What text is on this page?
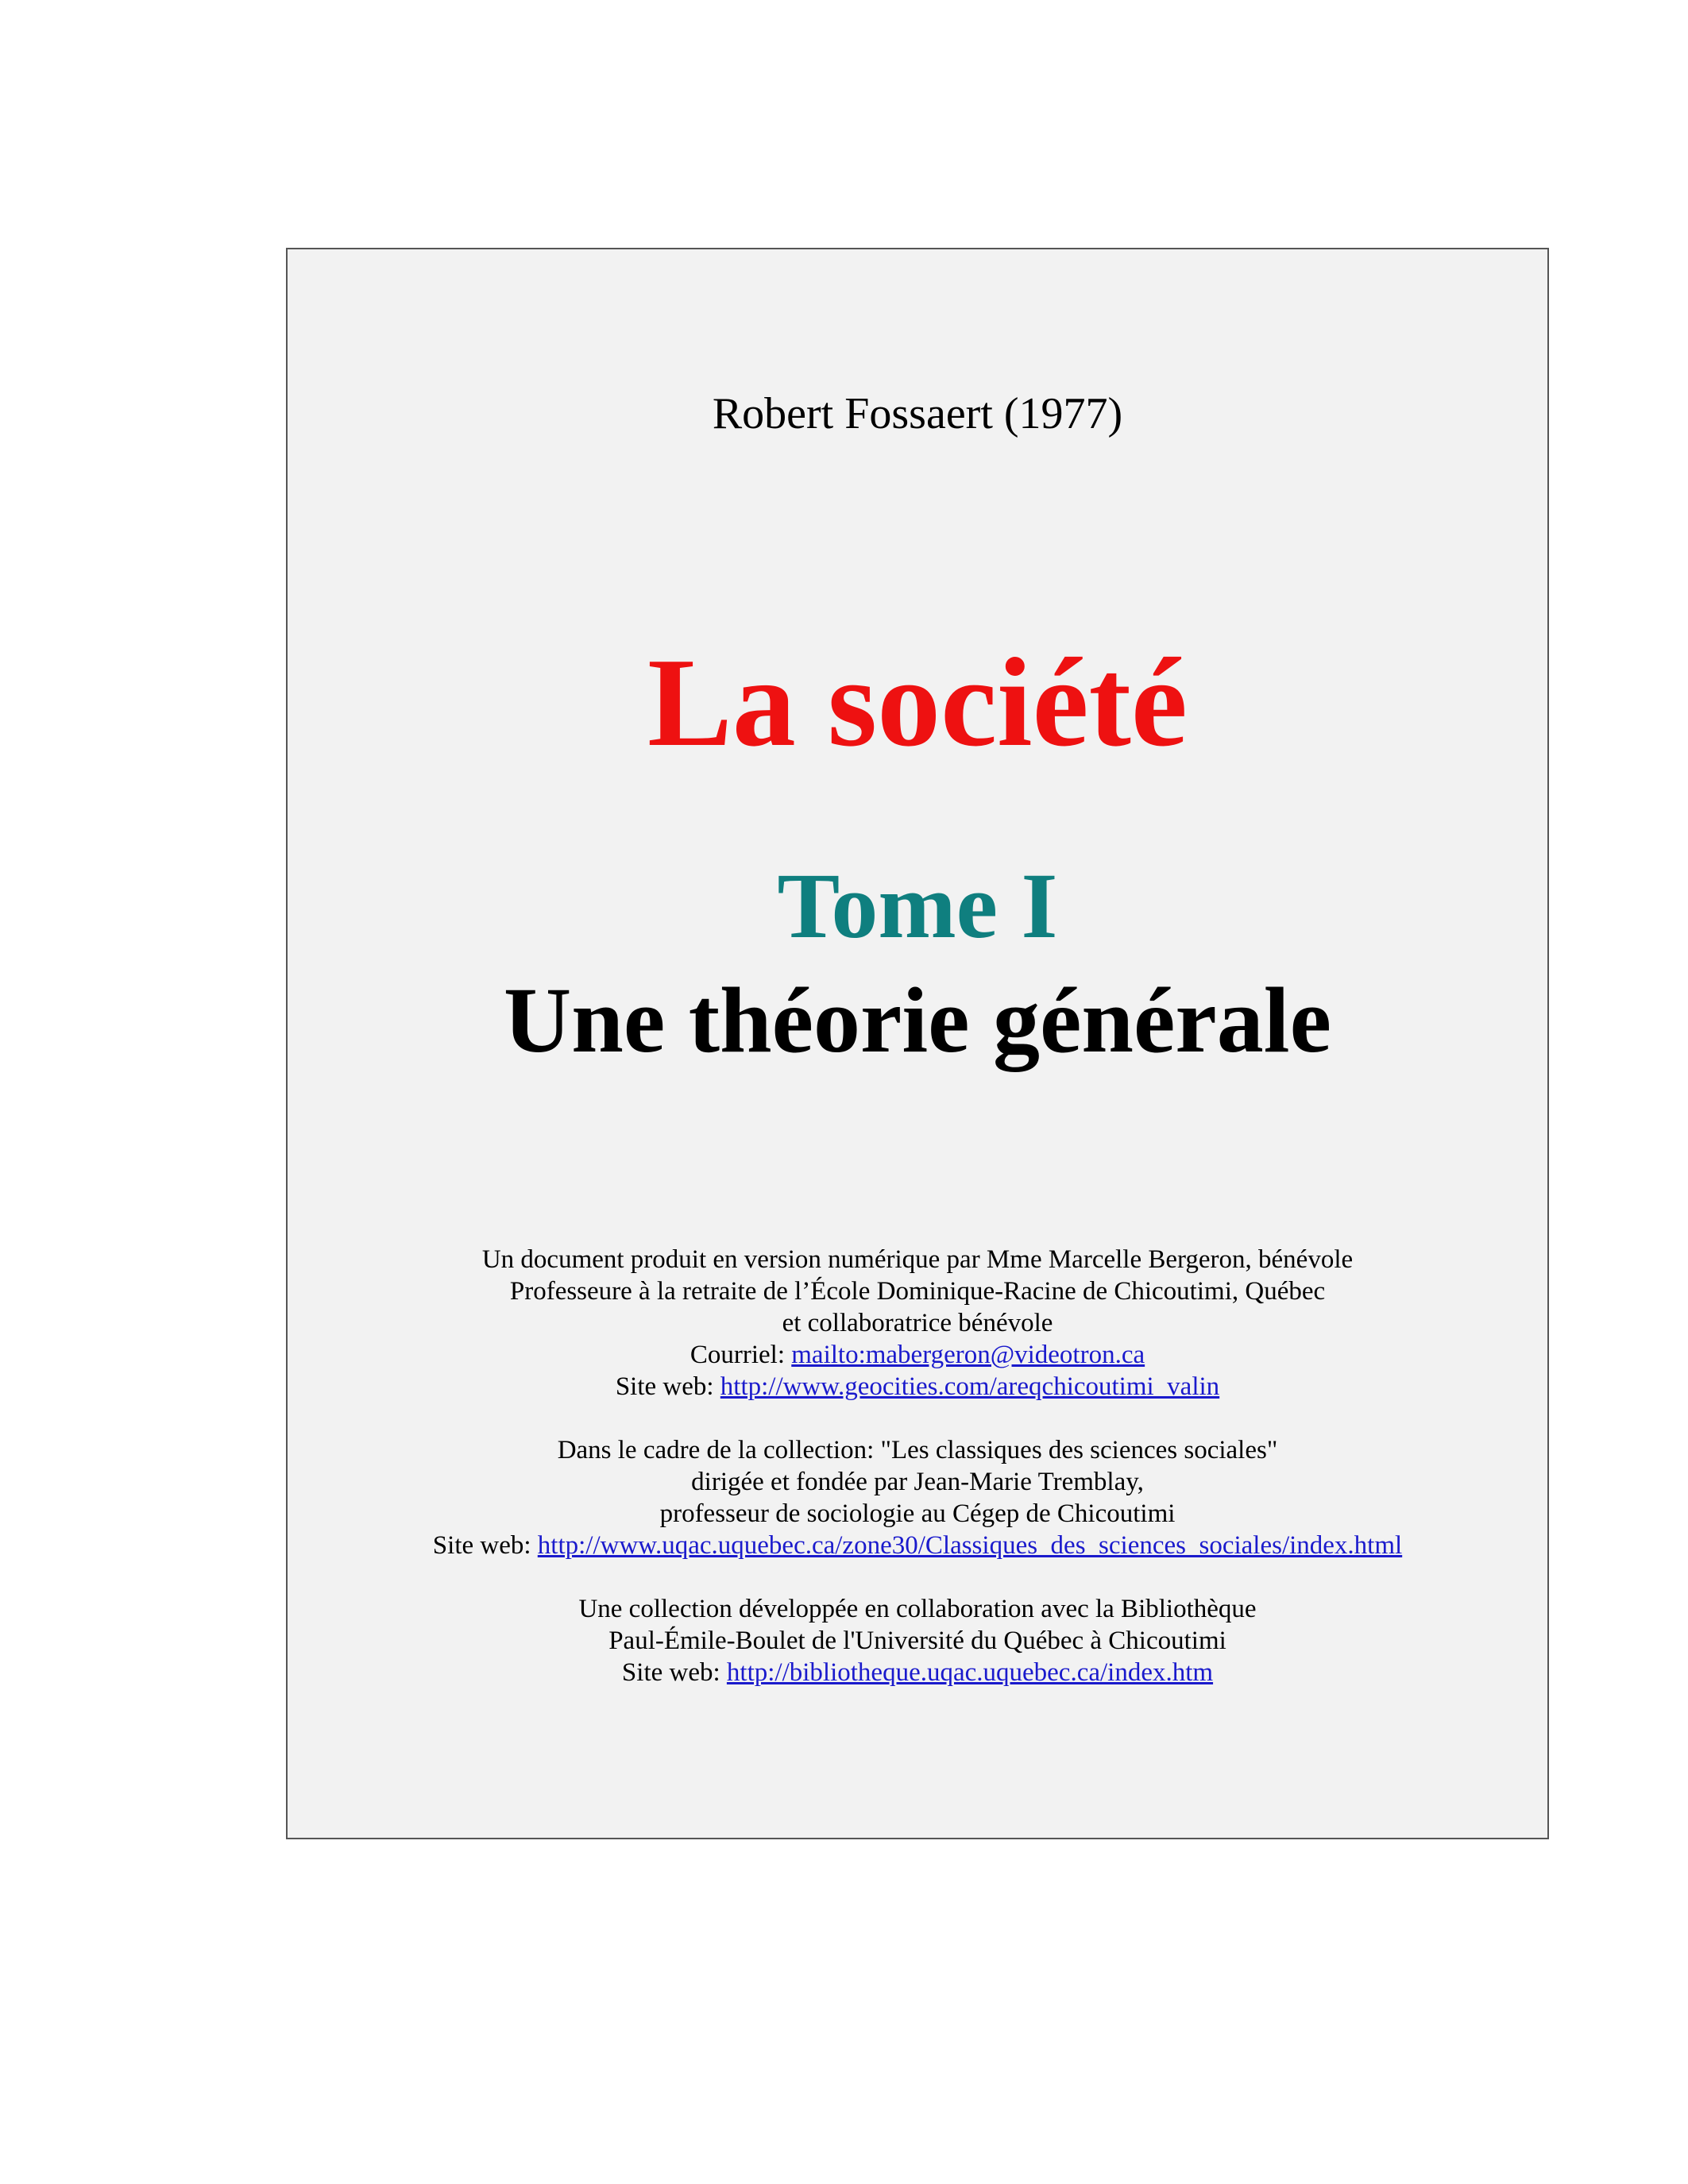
Robert Fossaert (1977)

La société

Tome I

Une théorie générale

Un document produit en version numérique par Mme Marcelle Bergeron, bénévole

Professeure à la retraite de l’École Dominique-Racine de Chicoutimi, Québec

et collaboratrice bénévole

Courriel: mailto:mabergeron@videotron.ca

Site web: http://www.geocities.com/areqchicoutimi_valin

Dans le cadre de la collection: "Les classiques des sciences sociales"

dirigée et fondée par Jean-Marie Tremblay,

professeur de sociologie au Cégep de Chicoutimi

Site web: http://www.uqac.uquebec.ca/zone30/Classiques_des_sciences_sociales/index.html

Une collection développée en collaboration avec la Bibliothèque

Paul-Émile-Boulet de l'Université du Québec à Chicoutimi

Site web: http://bibliotheque.uqac.uquebec.ca/index.htm
